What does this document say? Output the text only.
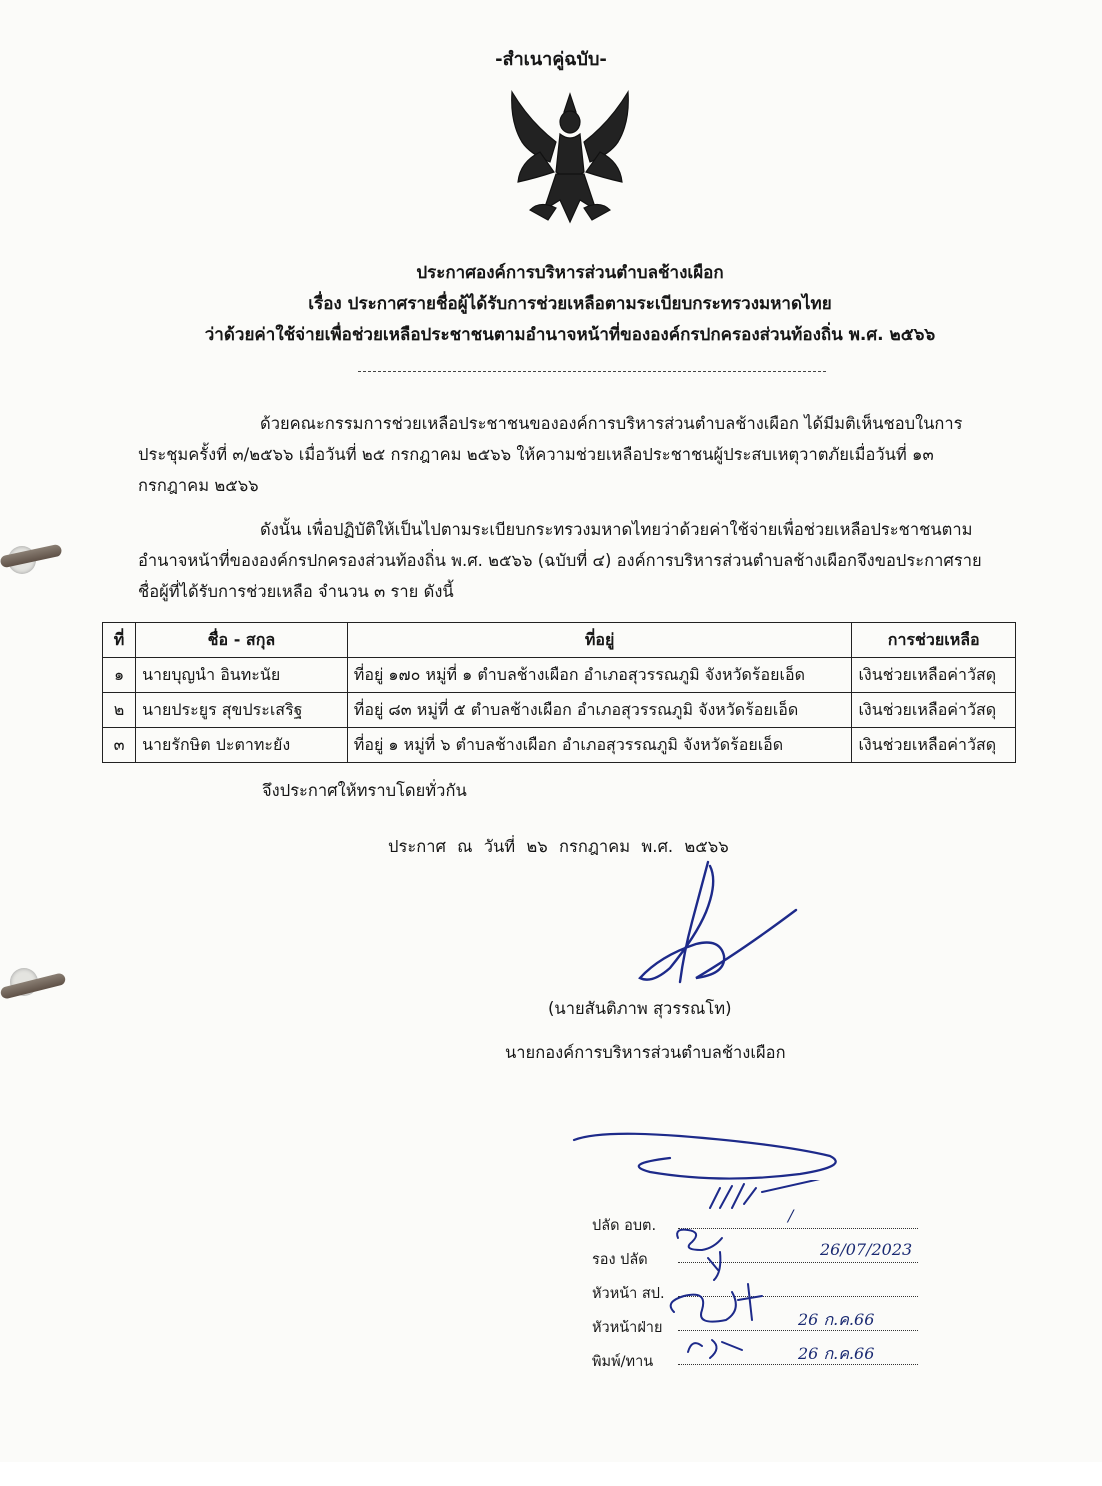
-สำเนาคู่ฉบับ-
ประกาศองค์การบริหารส่วนตำบลช้างเผือก
เรื่อง ประกาศรายชื่อผู้ได้รับการช่วยเหลือตามระเบียบกระทรวงมหาดไทย
ว่าด้วยค่าใช้จ่ายเพื่อช่วยเหลือประชาชนตามอำนาจหน้าที่ขององค์กรปกครองส่วนท้องถิ่น พ.ศ. ๒๕๖๖
ด้วยคณะกรรมการช่วยเหลือประชาชนขององค์การบริหารส่วนตำบลช้างเผือก ได้มีมติเห็นชอบในการประชุมครั้งที่ ๓/๒๕๖๖ เมื่อวันที่ ๒๕ กรกฎาคม ๒๕๖๖ ให้ความช่วยเหลือประชาชนผู้ประสบเหตุวาตภัยเมื่อวันที่ ๑๓ กรกฎาคม ๒๕๖๖
ดังนั้น เพื่อปฏิบัติให้เป็นไปตามระเบียบกระทรวงมหาดไทยว่าด้วยค่าใช้จ่ายเพื่อช่วยเหลือประชาชนตามอำนาจหน้าที่ขององค์กรปกครองส่วนท้องถิ่น พ.ศ. ๒๕๖๖ (ฉบับที่ ๔) องค์การบริหารส่วนตำบลช้างเผือกจึงขอประกาศรายชื่อผู้ที่ได้รับการช่วยเหลือ จำนวน ๓ ราย ดังนี้
ที่	ชื่อ - สกุล	ที่อยู่	การช่วยเหลือ
๑	นายบุญนำ อินทะนัย	ที่อยู่ ๑๗๐ หมู่ที่ ๑ ตำบลช้างเผือก อำเภอสุวรรณภูมิ จังหวัดร้อยเอ็ด	เงินช่วยเหลือค่าวัสดุ
๒	นายประยูร สุขประเสริฐ	ที่อยู่ ๘๓ หมู่ที่ ๕ ตำบลช้างเผือก อำเภอสุวรรณภูมิ จังหวัดร้อยเอ็ด	เงินช่วยเหลือค่าวัสดุ
๓	นายรักษิต ปะตาทะยัง	ที่อยู่ ๑ หมู่ที่ ๖ ตำบลช้างเผือก อำเภอสุวรรณภูมิ จังหวัดร้อยเอ็ด	เงินช่วยเหลือค่าวัสดุ
จึงประกาศให้ทราบโดยทั่วกัน
ประกาศ ณ วันที่ ๒๖ กรกฎาคม พ.ศ. ๒๕๖๖
(นายสันติภาพ สุวรรณโท)
นายกองค์การบริหารส่วนตำบลช้างเผือก
ปลัด อบต.
/
รอง ปลัด
26/07/2023
หัวหน้า สป.
หัวหน้าฝ่าย	26 ก.ค.66
พิมพ์/ทาน	26 ก.ค.66
